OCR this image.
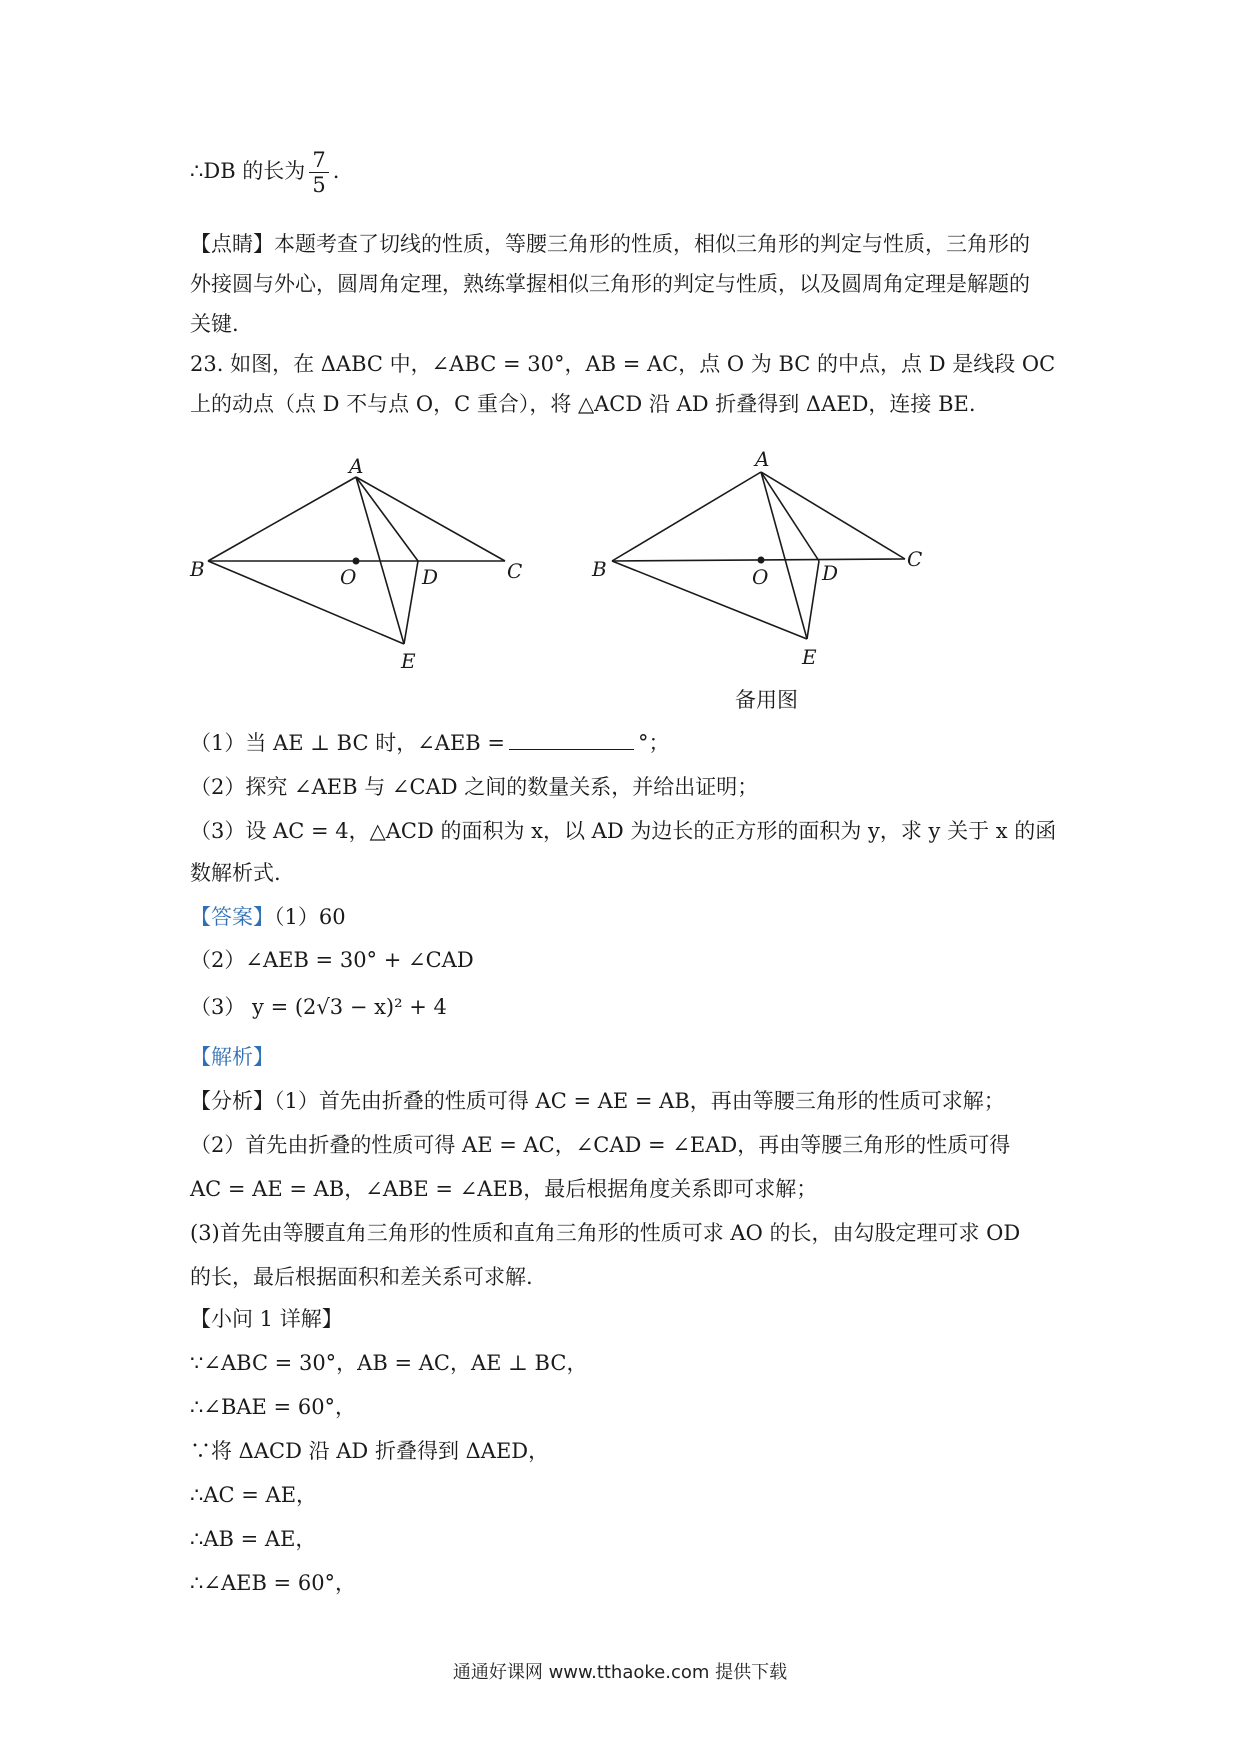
∴DB 的长为 $\frac{7}{5}$ .
【点睛】本题考查了切线的性质，等腰三角形的性质，相似三角形的判定与性质，三角形的
外接圆与外心，圆周角定理，熟练掌握相似三角形的判定与性质，以及圆周角定理是解题的
关键.
23. 如图，在 ΔABC 中，∠ABC = 30°，AB = AC，点 O 为 BC 的中点，点 D 是线段 OC
上的动点（点 D 不与点 O，C 重合），将 △ACD 沿 AD 折叠得到 ΔAED，连接 BE.
A
B	C
O	D
E
A
B	C
O	D
E
备用图
（1）当 AE ⊥ BC 时，∠AEB =	°；
（2）探究 ∠AEB 与 ∠CAD 之间的数量关系，并给出证明；
（3）设 AC = 4，△ACD 的面积为 x，以 AD 为边长的正方形的面积为 y，求 y 关于 x 的函
数解析式.
【答案】（1）60
（2）∠AEB = 30° + ∠CAD
（3） y = (2√3 − x)² + 4
【解析】
【分析】（1）首先由折叠的性质可得 AC = AE = AB，再由等腰三角形的性质可求解；
（2）首先由折叠的性质可得 AE = AC，∠CAD = ∠EAD，再由等腰三角形的性质可得
AC = AE = AB，∠ABE = ∠AEB，最后根据角度关系即可求解；
(3)首先由等腰直角三角形的性质和直角三角形的性质可求 AO 的长，由勾股定理可求 OD
的长，最后根据面积和差关系可求解.
【小问 1 详解】
∵∠ABC = 30°，AB = AC，AE ⊥ BC，
∴∠BAE = 60°，
∵将 ΔACD 沿 AD 折叠得到 ΔAED，
∴AC = AE，
∴AB = AE，
∴∠AEB = 60°，
通通好课网 www.tthaoke.com 提供下载
